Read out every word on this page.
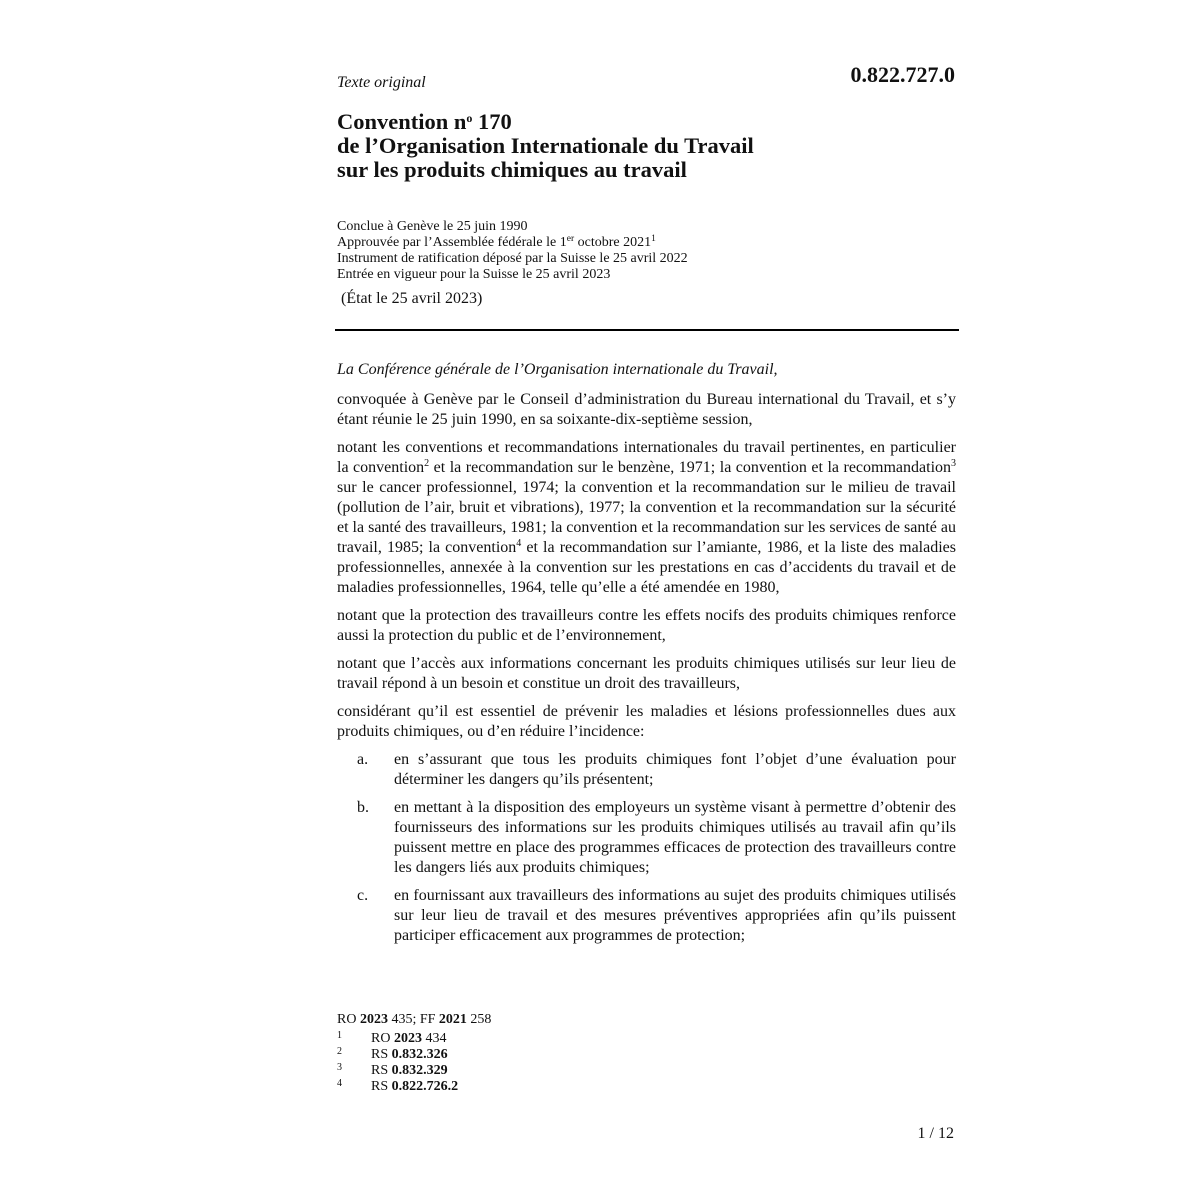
0.822.727.0
Texte original
Convention $n^o$ 170
de l’Organisation Internationale du Travail
sur les produits chimiques au travail
Conclue à Genève le 25 juin 1990
Approuvée par l’Assemblée fédérale le 1er octobre 2021$^1$
Instrument de ratification déposé par la Suisse le 25 avril 2022
Entrée en vigueur pour la Suisse le 25 avril 2023
(État le 25 avril 2023)

La Conférence générale de l’Organisation internationale du Travail,

convoquée à Genève par le Conseil d’administration du Bureau international du Travail, et s’y étant réunie le 25 juin 1990, en sa soixante-dix-septième session,

notant les conventions et recommandations internationales du travail pertinentes, en particulier la convention$^2$ et la recommandation sur le benzène, 1971; la convention et la recommandation$^3$ sur le cancer professionnel, 1974; la convention et la recommandation sur le milieu de travail (pollution de l’air, bruit et vibrations), 1977; la convention et la recommandation sur la sécurité et la santé des travailleurs, 1981; la convention et la recommandation sur les services de santé au travail, 1985; la convention$^4$ et la recommandation sur l’amiante, 1986, et la liste des maladies professionnelles, annexée à la convention sur les prestations en cas d’accidents du travail et de maladies professionnelles, 1964, telle qu’elle a été amendée en 1980,

notant que la protection des travailleurs contre les effets nocifs des produits chimiques renforce aussi la protection du public et de l’environnement,

notant que l’accès aux informations concernant les produits chimiques utilisés sur leur lieu de travail répond à un besoin et constitue un droit des travailleurs,

considérant qu’il est essentiel de prévenir les maladies et lésions professionnelles dues aux produits chimiques, ou d’en réduire l’incidence:

a. en s’assurant que tous les produits chimiques font l’objet d’une évaluation pour déterminer les dangers qu’ils présentent;
b. en mettant à la disposition des employeurs un système visant à permettre d’obtenir des fournisseurs des informations sur les produits chimiques utilisés au travail afin qu’ils puissent mettre en place des programmes efficaces de protection des travailleurs contre les dangers liés aux produits chimiques;
c. en fournissant aux travailleurs des informations au sujet des produits chimiques utilisés sur leur lieu de travail et des mesures préventives appropriées afin qu’ils puissent participer efficacement aux programmes de protection;
RO 2023 435; FF 2021 258
1 RO 2023 434
2 RS 0.832.326
3 RS 0.832.329
4 RS 0.822.726.2
1 / 12
